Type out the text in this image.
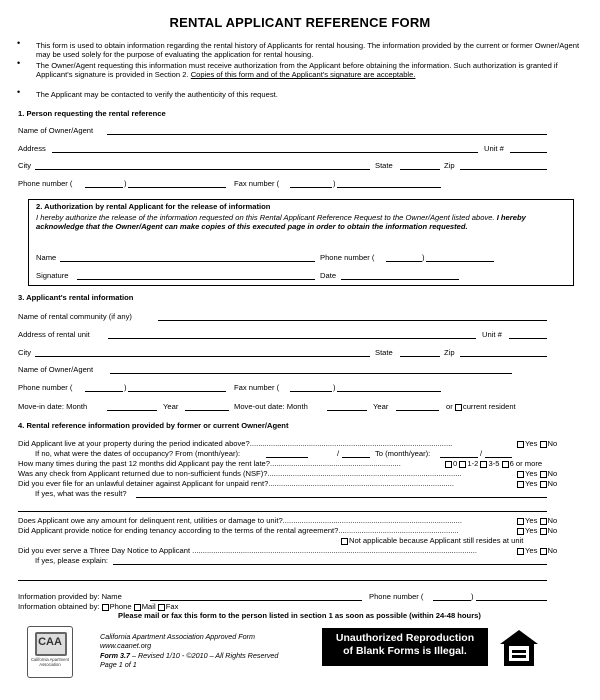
RENTAL APPLICANT REFERENCE FORM
• This form is used to obtain information regarding the rental history of Applicants for rental housing. The information provided by the current or former Owner/Agent may be used solely for the purpose of evaluating the application for rental housing.
• The Owner/Agent requesting this information must receive authorization from the Applicant before obtaining the information. Such authorization is granted if Applicant's signature is provided in Section 2. Copies of this form and of the Applicant's signature are acceptable.
• The Applicant may be contacted to verify the authenticity of this request.
1. Person requesting the rental reference
Name of Owner/Agent
Address	Unit #
City	State	Zip
Phone number (	)	Fax number (	)
2. Authorization by rental Applicant for the release of information
I hereby authorize the release of the information requested on this Rental Applicant Reference Request to the Owner/Agent listed above. I hereby acknowledge that the Owner/Agent can make copies of this executed page in order to obtain the information requested.
Name	Phone number (	)
Signature	Date
3. Applicant's rental information
Name of rental community (if any)
Address of rental unit	Unit #
City	State	Zip
Name of Owner/Agent
Phone number (	)	Fax number (	)
Move-in date: Month	Year	Move-out date: Month	Year	or current resident
4. Rental reference information provided by former or current Owner/Agent
Did Applicant live at your property during the period indicated above?................................................................................................	Yes No
If no, what were the dates of occupancy? From (month/year):	/	To (month/year):	/
How many times during the past 12 months did Applicant pay the rent late?..............................................................	0 1-2 3-5 6 or more
Was any check from Applicant returned due to non-sufficient funds (NSF)?............................................................................................	Yes No
Did you ever file for an unlawful detainer against Applicant for unpaid rent?........................................................................................	Yes No
If yes, what was the result?
Does Applicant owe any amount for delinquent rent, utilities or damage to unit?.....................................................................................	Yes No
Did Applicant provide notice for ending tenancy according to the terms of the rental agreement?.........................................................	Yes No
Not applicable because Applicant still resides at unit
Did you ever serve a Three Day Notice to Applicant .......................................................................................................................................	Yes No
If yes, please explain:
Information provided by: Name	Phone number (	)
Information obtained by: Phone Mail Fax
Please mail or fax this form to the person listed in section 1 as soon as possible (within 24-48 hours)
CAA
California Apartment Association
California Apartment Association Approved Form
www.caanet.org
Form 3.7 – Revised 1/10 - ©2010 – All Rights Reserved
Page 1 of 1
Unauthorized Reproduction
of Blank Forms is Illegal.
